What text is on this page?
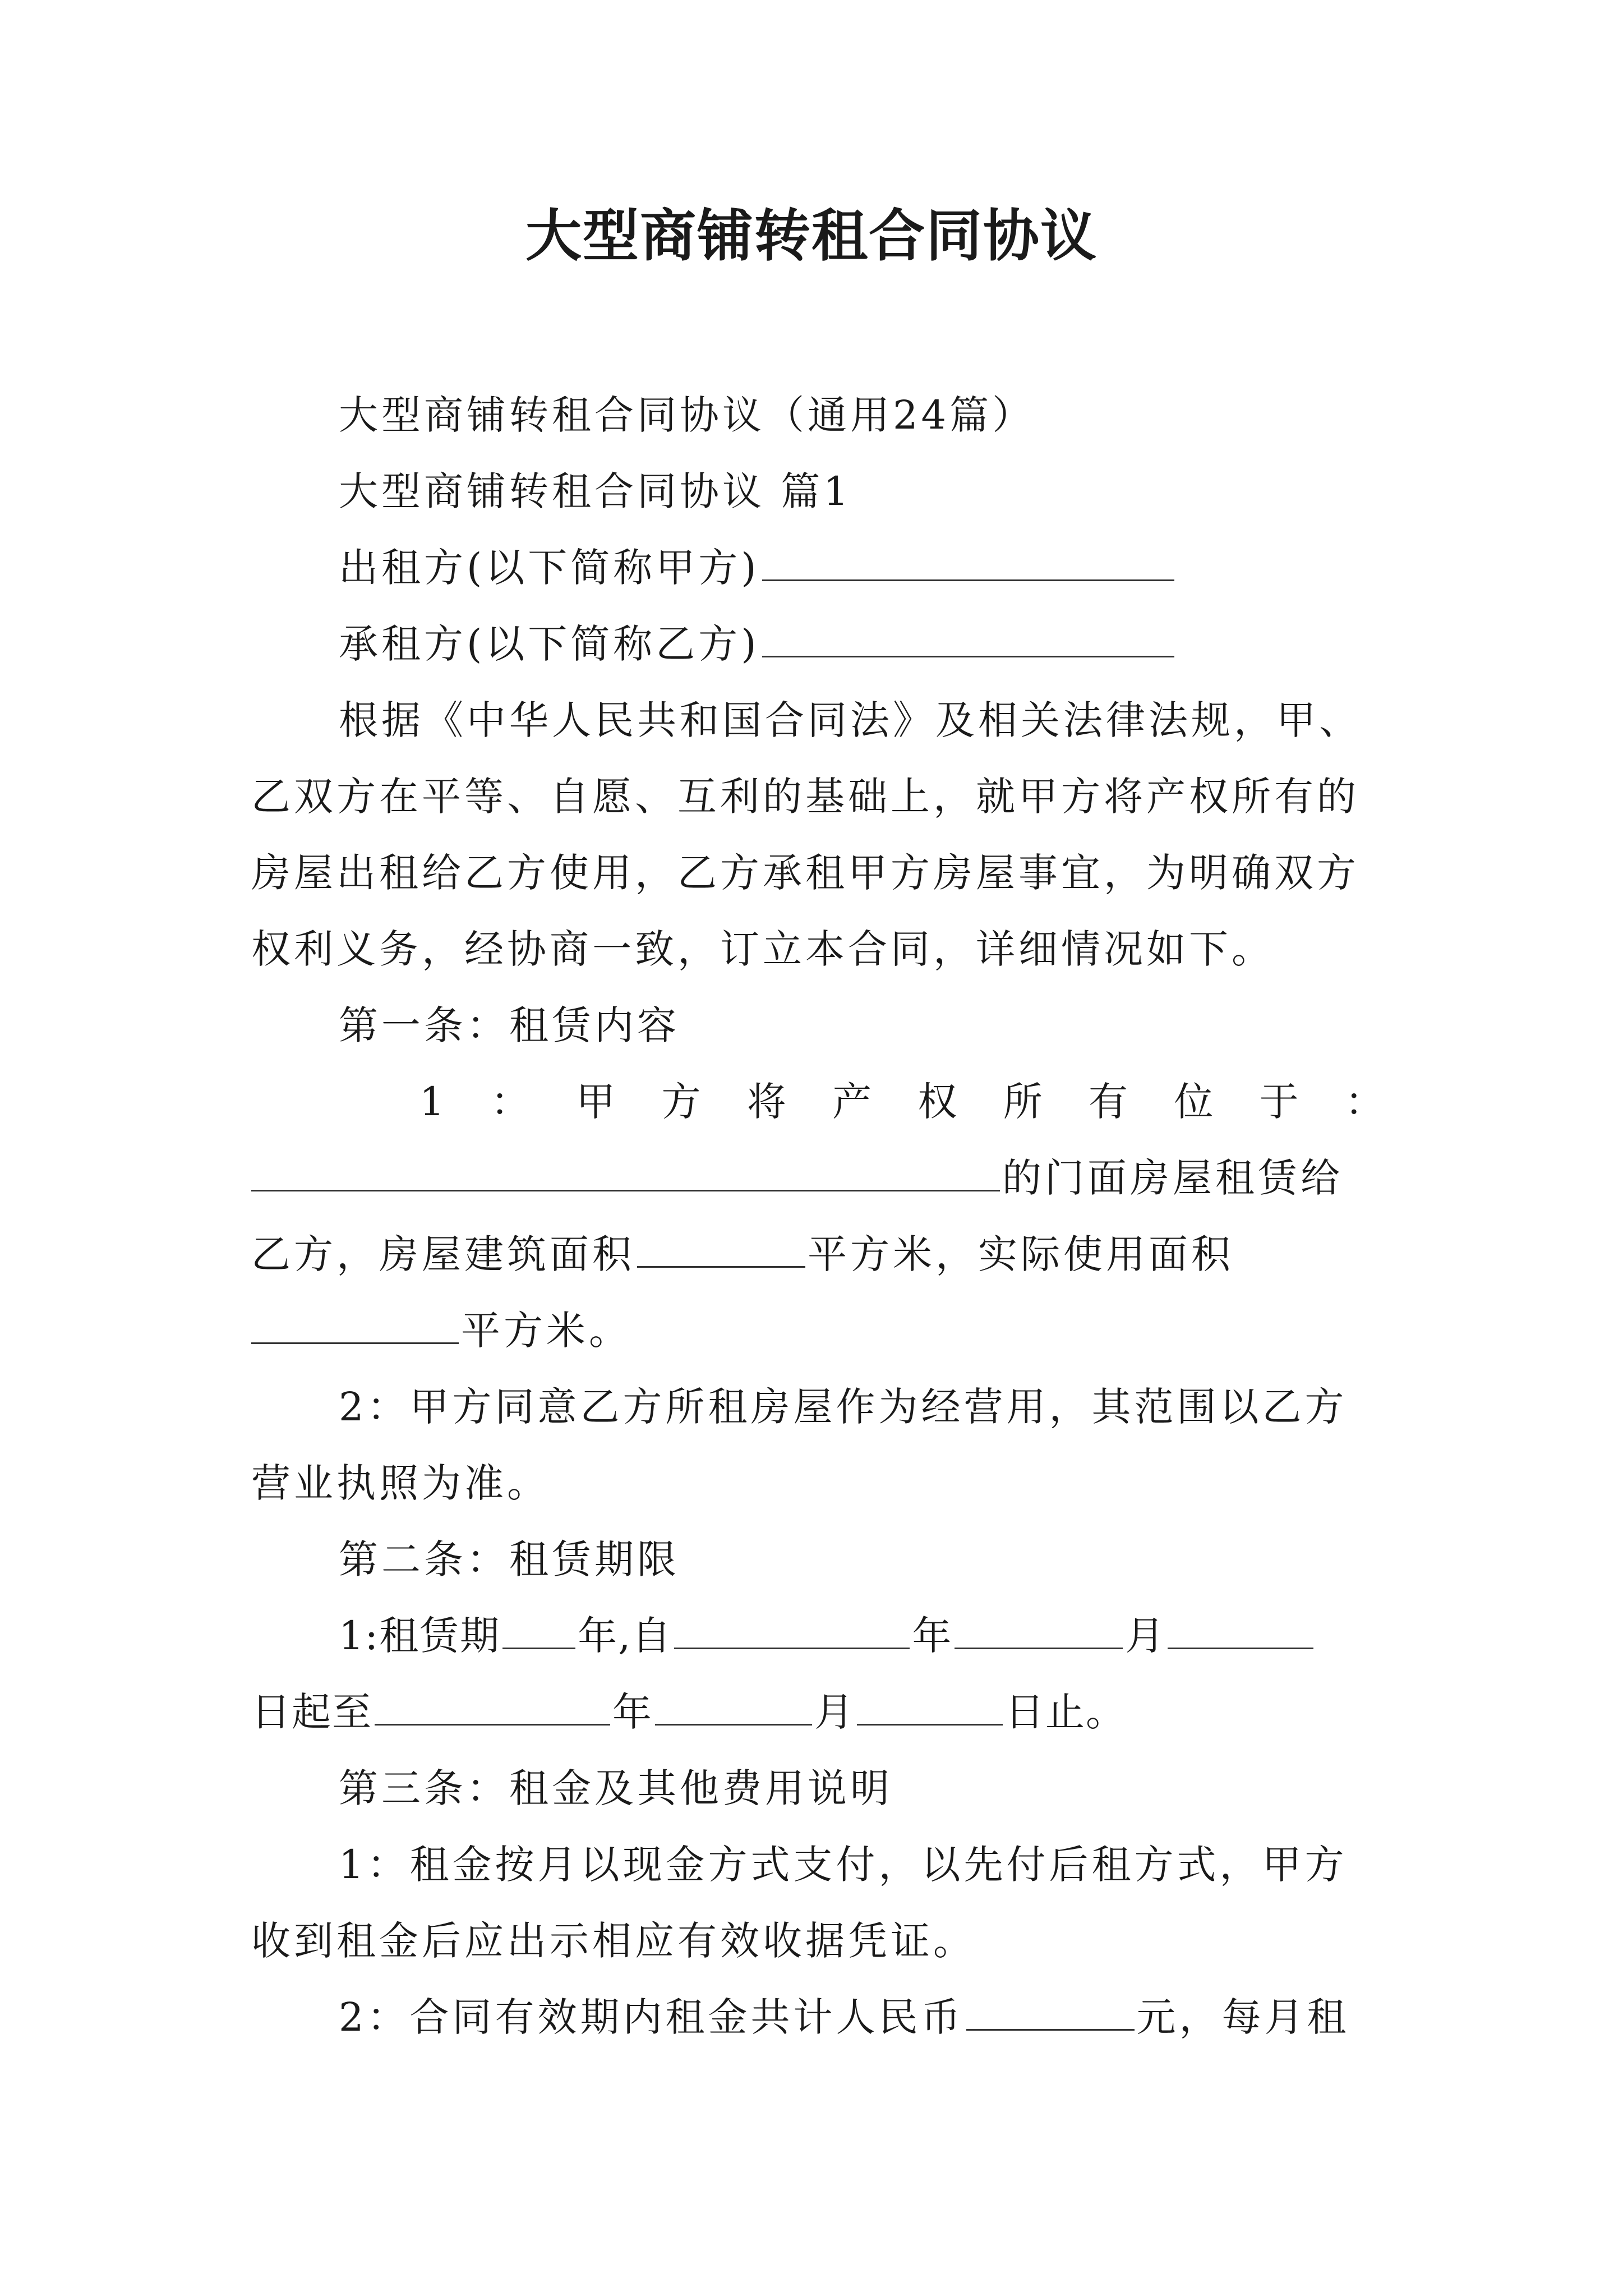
大型商铺转租合同协议
大型商铺转租合同协议（通用24篇）
大型商铺转租合同协议 篇1
出租方(以下简称甲方)
承租方(以下简称乙方)
根据《中华人民共和国合同法》及相关法律法规，甲、
乙双方在平等、自愿、互利的基础上，就甲方将产权所有的
房屋出租给乙方使用，乙方承租甲方房屋事宜，为明确双方
权利义务，经协商一致，订立本合同，详细情况如下。
第一条：租赁内容
1：甲方将产权所有位于：
的门面房屋租赁给
乙方，房屋建筑面积	平方米，实际使用面积
平方米。
2：甲方同意乙方所租房屋作为经营用，其范围以乙方
营业执照为准。
第二条：租赁期限
1:租赁期 年,自	年	月
日起至	年	月	日止。
第三条：租金及其他费用说明
1：租金按月以现金方式支付，以先付后租方式，甲方
收到租金后应出示相应有效收据凭证。
2：合同有效期内租金共计人民币	元，每月租
